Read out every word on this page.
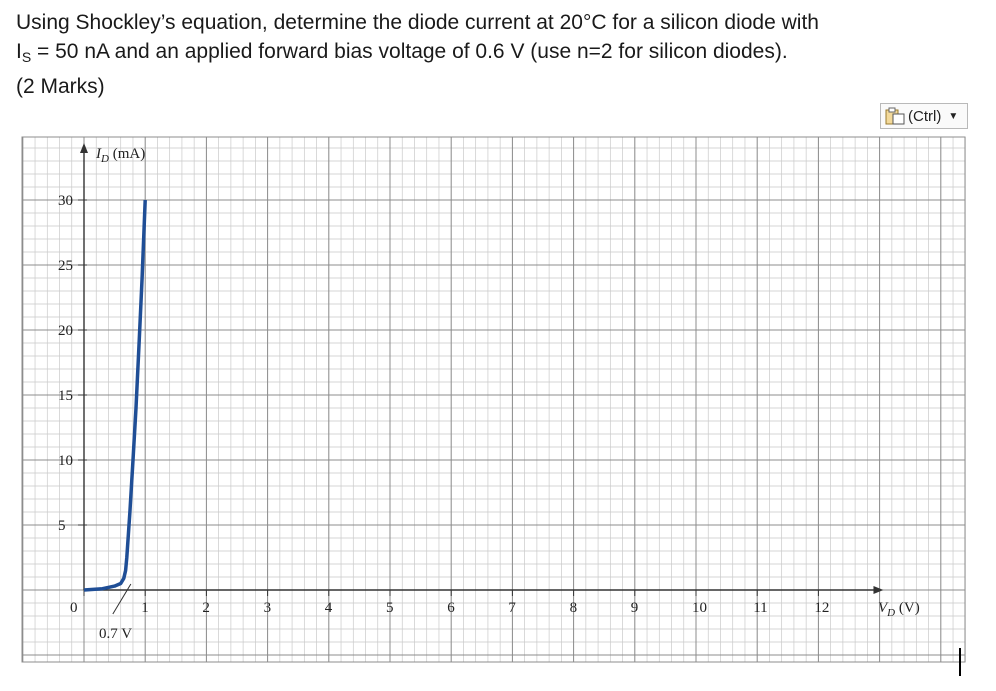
Using Shockley’s equation, determine the diode current at 20°C for a silicon diode with

$I_S = 50$ nA and an applied forward bias voltage of 0.6 V (use n=2 for silicon diodes).

(2 Marks)

(Ctrl) ▼
0	1	2	3	4	5	6	7	8	9	10	11	12
5
10
15
20
25
30
$I_D$ (mA)
$V_D$ (V)
0.7 V
